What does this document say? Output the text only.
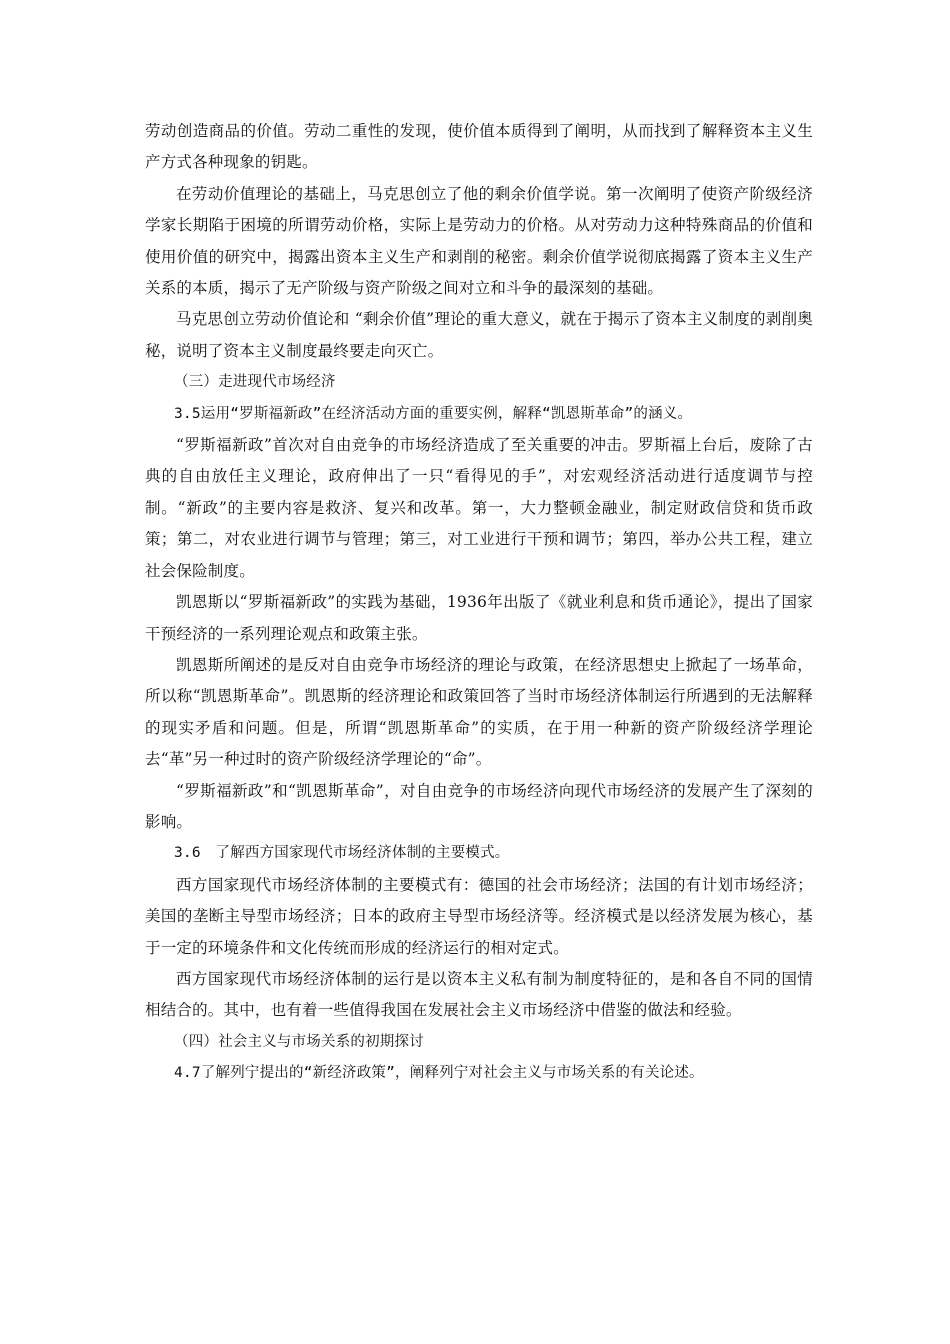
劳动创造商品的价值。劳动二重性的发现，使价值本质得到了阐明，从而找到了解释资本主义生产方式各种现象的钥匙。

在劳动价值理论的基础上，马克思创立了他的剩余价值学说。第一次阐明了使资产阶级经济学家长期陷于困境的所谓劳动价格，实际上是劳动力的价格。从对劳动力这种特殊商品的价值和使用价值的研究中，揭露出资本主义生产和剥削的秘密。剩余价值学说彻底揭露了资本主义生产关系的本质，揭示了无产阶级与资产阶级之间对立和斗争的最深刻的基础。

马克思创立劳动价值论和 “剩余价值”理论的重大意义，就在于揭示了资本主义制度的剥削奥秘，说明了资本主义制度最终要走向灭亡。

（三）走进现代市场经济

3.5运用“罗斯福新政”在经济活动方面的重要实例，解释“凯恩斯革命”的涵义。

“罗斯福新政”首次对自由竞争的市场经济造成了至关重要的冲击。罗斯福上台后，废除了古典的自由放任主义理论，政府伸出了一只“看得见的手”，对宏观经济活动进行适度调节与控制。“新政”的主要内容是救济、复兴和改革。第一，大力整顿金融业，制定财政信贷和货币政策；第二，对农业进行调节与管理；第三，对工业进行干预和调节；第四，举办公共工程，建立社会保险制度。

凯恩斯以“罗斯福新政”的实践为基础，1936年出版了《就业利息和货币通论》，提出了国家干预经济的一系列理论观点和政策主张。

凯恩斯所阐述的是反对自由竞争市场经济的理论与政策，在经济思想史上掀起了一场革命，所以称“凯恩斯革命”。凯恩斯的经济理论和政策回答了当时市场经济体制运行所遇到的无法解释的现实矛盾和问题。但是，所谓“凯恩斯革命”的实质，在于用一种新的资产阶级经济学理论去“革”另一种过时的资产阶级经济学理论的“命”。

“罗斯福新政”和“凯恩斯革命”，对自由竞争的市场经济向现代市场经济的发展产生了深刻的影响。

3.6　了解西方国家现代市场经济体制的主要模式。

西方国家现代市场经济体制的主要模式有：德国的社会市场经济；法国的有计划市场经济；美国的垄断主导型市场经济；日本的政府主导型市场经济等。经济模式是以经济发展为核心，基于一定的环境条件和文化传统而形成的经济运行的相对定式。

西方国家现代市场经济体制的运行是以资本主义私有制为制度特征的，是和各自不同的国情相结合的。其中，也有着一些值得我国在发展社会主义市场经济中借鉴的做法和经验。

（四）社会主义与市场关系的初期探讨

4.7了解列宁提出的“新经济政策”，阐释列宁对社会主义与市场关系的有关论述。
